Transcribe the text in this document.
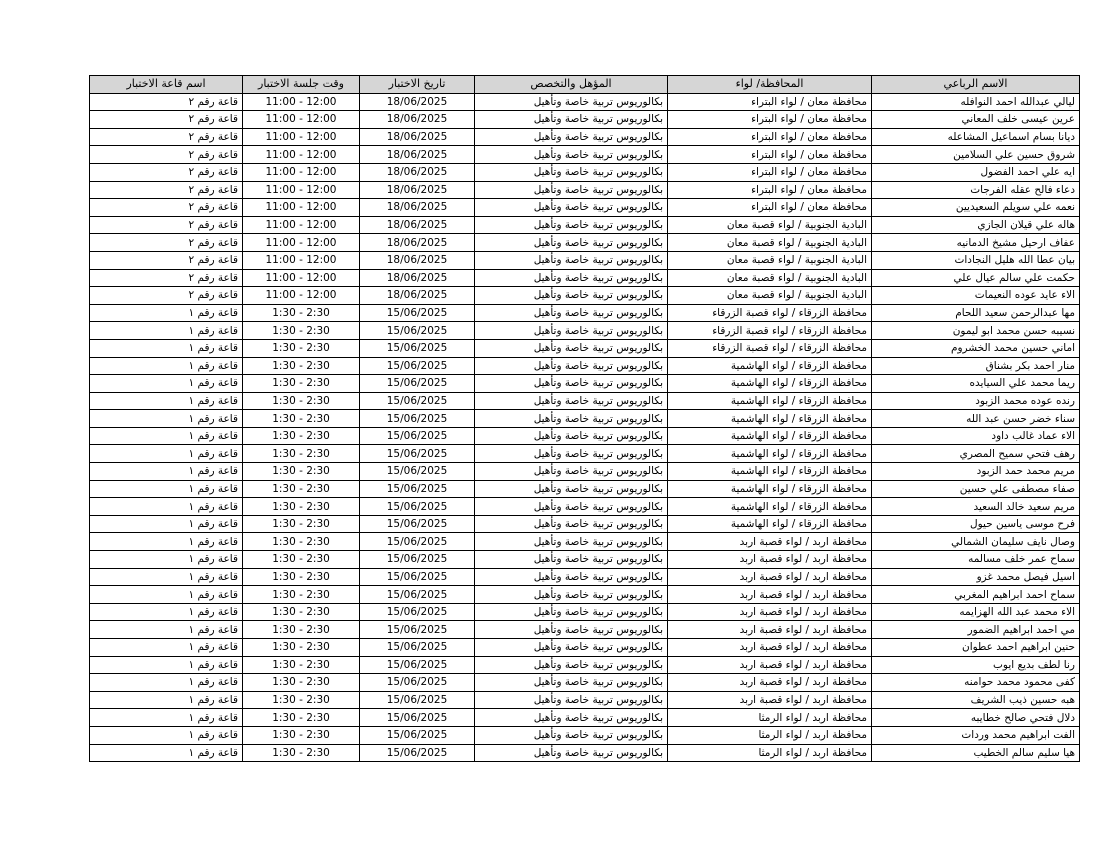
الاسم الرباعي	المحافظة/ لواء	المؤهل والتخصص	تاريخ الاختبار	وقت جلسة الاختبار	اسم قاعة الاختبار
ليالي عبدالله احمد النوافله	محافظة معان / لواء البتراء	بكالوريوس تربية خاصة وتأهيل	18/06/2025	11:00 - 12:00	قاعة رقم ٢
عرين عيسى خلف المعاني	محافظة معان / لواء البتراء	بكالوريوس تربية خاصة وتأهيل	18/06/2025	11:00 - 12:00	قاعة رقم ٢
ديانا بسام اسماعيل المشاعله	محافظة معان / لواء البتراء	بكالوريوس تربية خاصة وتأهيل	18/06/2025	11:00 - 12:00	قاعة رقم ٢
شروق حسين علي السلامين	محافظة معان / لواء البتراء	بكالوريوس تربية خاصة وتأهيل	18/06/2025	11:00 - 12:00	قاعة رقم ٢
ايه علي احمد الفضول	محافظة معان / لواء البتراء	بكالوريوس تربية خاصة وتأهيل	18/06/2025	11:00 - 12:00	قاعة رقم ٢
دعاء فالح عقله الفرجات	محافظة معان / لواء البتراء	بكالوريوس تربية خاصة وتأهيل	18/06/2025	11:00 - 12:00	قاعة رقم ٢
نعمه علي سويلم السعيديين	محافظة معان / لواء البتراء	بكالوريوس تربية خاصة وتأهيل	18/06/2025	11:00 - 12:00	قاعة رقم ٢
هاله علي قيلان الجازي	البادية الجنوبية / لواء قصبة معان	بكالوريوس تربية خاصة وتأهيل	18/06/2025	11:00 - 12:00	قاعة رقم ٢
عفاف ارحيل مشيخ الدمانيه	البادية الجنوبية / لواء قصبة معان	بكالوريوس تربية خاصة وتأهيل	18/06/2025	11:00 - 12:00	قاعة رقم ٢
بيان عطا الله هليل النجادات	البادية الجنوبية / لواء قصبة معان	بكالوريوس تربية خاصة وتأهيل	18/06/2025	11:00 - 12:00	قاعة رقم ٢
حكمت علي سالم عيال علي	البادية الجنوبية / لواء قصبة معان	بكالوريوس تربية خاصة وتأهيل	18/06/2025	11:00 - 12:00	قاعة رقم ٢
الاء عايد عوده النعيمات	البادية الجنوبية / لواء قصبة معان	بكالوريوس تربية خاصة وتأهيل	18/06/2025	11:00 - 12:00	قاعة رقم ٢
مها عبدالرحمن سعيد اللحام	محافظة الزرقاء / لواء قصبة الزرقاء	بكالوريوس تربية خاصة وتأهيل	15/06/2025	1:30 - 2:30	قاعة رقم ١
نسيبه حسن محمد ابو ليمون	محافظة الزرقاء / لواء قصبة الزرقاء	بكالوريوس تربية خاصة وتأهيل	15/06/2025	1:30 - 2:30	قاعة رقم ١
اماني حسين محمد الخشروم	محافظة الزرقاء / لواء قصبة الزرقاء	بكالوريوس تربية خاصة وتأهيل	15/06/2025	1:30 - 2:30	قاعة رقم ١
منار احمد بكر بشناق	محافظة الزرقاء / لواء الهاشمية	بكالوريوس تربية خاصة وتأهيل	15/06/2025	1:30 - 2:30	قاعة رقم ١
ريما محمد علي السيايده	محافظة الزرقاء / لواء الهاشمية	بكالوريوس تربية خاصة وتأهيل	15/06/2025	1:30 - 2:30	قاعة رقم ١
رنده عوده محمد الزبود	محافظة الزرقاء / لواء الهاشمية	بكالوريوس تربية خاصة وتأهيل	15/06/2025	1:30 - 2:30	قاعة رقم ١
سناء خضر حسن عبد الله	محافظة الزرقاء / لواء الهاشمية	بكالوريوس تربية خاصة وتأهيل	15/06/2025	1:30 - 2:30	قاعة رقم ١
الاء عماد غالب داود	محافظة الزرقاء / لواء الهاشمية	بكالوريوس تربية خاصة وتأهيل	15/06/2025	1:30 - 2:30	قاعة رقم ١
رهف فتحي سميح المصري	محافظة الزرقاء / لواء الهاشمية	بكالوريوس تربية خاصة وتأهيل	15/06/2025	1:30 - 2:30	قاعة رقم ١
مريم محمد حمد الزبود	محافظة الزرقاء / لواء الهاشمية	بكالوريوس تربية خاصة وتأهيل	15/06/2025	1:30 - 2:30	قاعة رقم ١
صفاء مصطفى علي حسين	محافظة الزرقاء / لواء الهاشمية	بكالوريوس تربية خاصة وتأهيل	15/06/2025	1:30 - 2:30	قاعة رقم ١
مريم سعيد خالد السعيد	محافظة الزرقاء / لواء الهاشمية	بكالوريوس تربية خاصة وتأهيل	15/06/2025	1:30 - 2:30	قاعة رقم ١
فرح موسى ياسين حيول	محافظة الزرقاء / لواء الهاشمية	بكالوريوس تربية خاصة وتأهيل	15/06/2025	1:30 - 2:30	قاعة رقم ١
وصال نايف سليمان الشمالي	محافظة اربد / لواء قصبة اربد	بكالوريوس تربية خاصة وتأهيل	15/06/2025	1:30 - 2:30	قاعة رقم ١
سماح عمر خلف مسالمه	محافظة اربد / لواء قصبة اربد	بكالوريوس تربية خاصة وتأهيل	15/06/2025	1:30 - 2:30	قاعة رقم ١
اسيل فيصل محمد غزو	محافظة اربد / لواء قصبة اربد	بكالوريوس تربية خاصة وتأهيل	15/06/2025	1:30 - 2:30	قاعة رقم ١
سماح احمد ابراهيم المغربي	محافظة اربد / لواء قصبة اربد	بكالوريوس تربية خاصة وتأهيل	15/06/2025	1:30 - 2:30	قاعة رقم ١
الاء محمد عبد الله الهزايمه	محافظة اربد / لواء قصبة اربد	بكالوريوس تربية خاصة وتأهيل	15/06/2025	1:30 - 2:30	قاعة رقم ١
مي احمد ابراهيم الضمور	محافظة اربد / لواء قصبة اربد	بكالوريوس تربية خاصة وتأهيل	15/06/2025	1:30 - 2:30	قاعة رقم ١
حنين ابراهيم احمد عطوان	محافظة اربد / لواء قصبة اربد	بكالوريوس تربية خاصة وتأهيل	15/06/2025	1:30 - 2:30	قاعة رقم ١
رنا لطف بديع ايوب	محافظة اربد / لواء قصبة اربد	بكالوريوس تربية خاصة وتأهيل	15/06/2025	1:30 - 2:30	قاعة رقم ١
كفى محمود محمد حوامنه	محافظة اربد / لواء قصبة اربد	بكالوريوس تربية خاصة وتأهيل	15/06/2025	1:30 - 2:30	قاعة رقم ١
هبه حسين ذيب الشريف	محافظة اربد / لواء قصبة اربد	بكالوريوس تربية خاصة وتأهيل	15/06/2025	1:30 - 2:30	قاعة رقم ١
دلال فتحي صالح خطايبه	محافظة اربد / لواء الرمثا	بكالوريوس تربية خاصة وتأهيل	15/06/2025	1:30 - 2:30	قاعة رقم ١
الفت ابراهيم محمد وردات	محافظة اربد / لواء الرمثا	بكالوريوس تربية خاصة وتأهيل	15/06/2025	1:30 - 2:30	قاعة رقم ١
هيا سليم سالم الخطيب	محافظة اربد / لواء الرمثا	بكالوريوس تربية خاصة وتأهيل	15/06/2025	1:30 - 2:30	قاعة رقم ١
